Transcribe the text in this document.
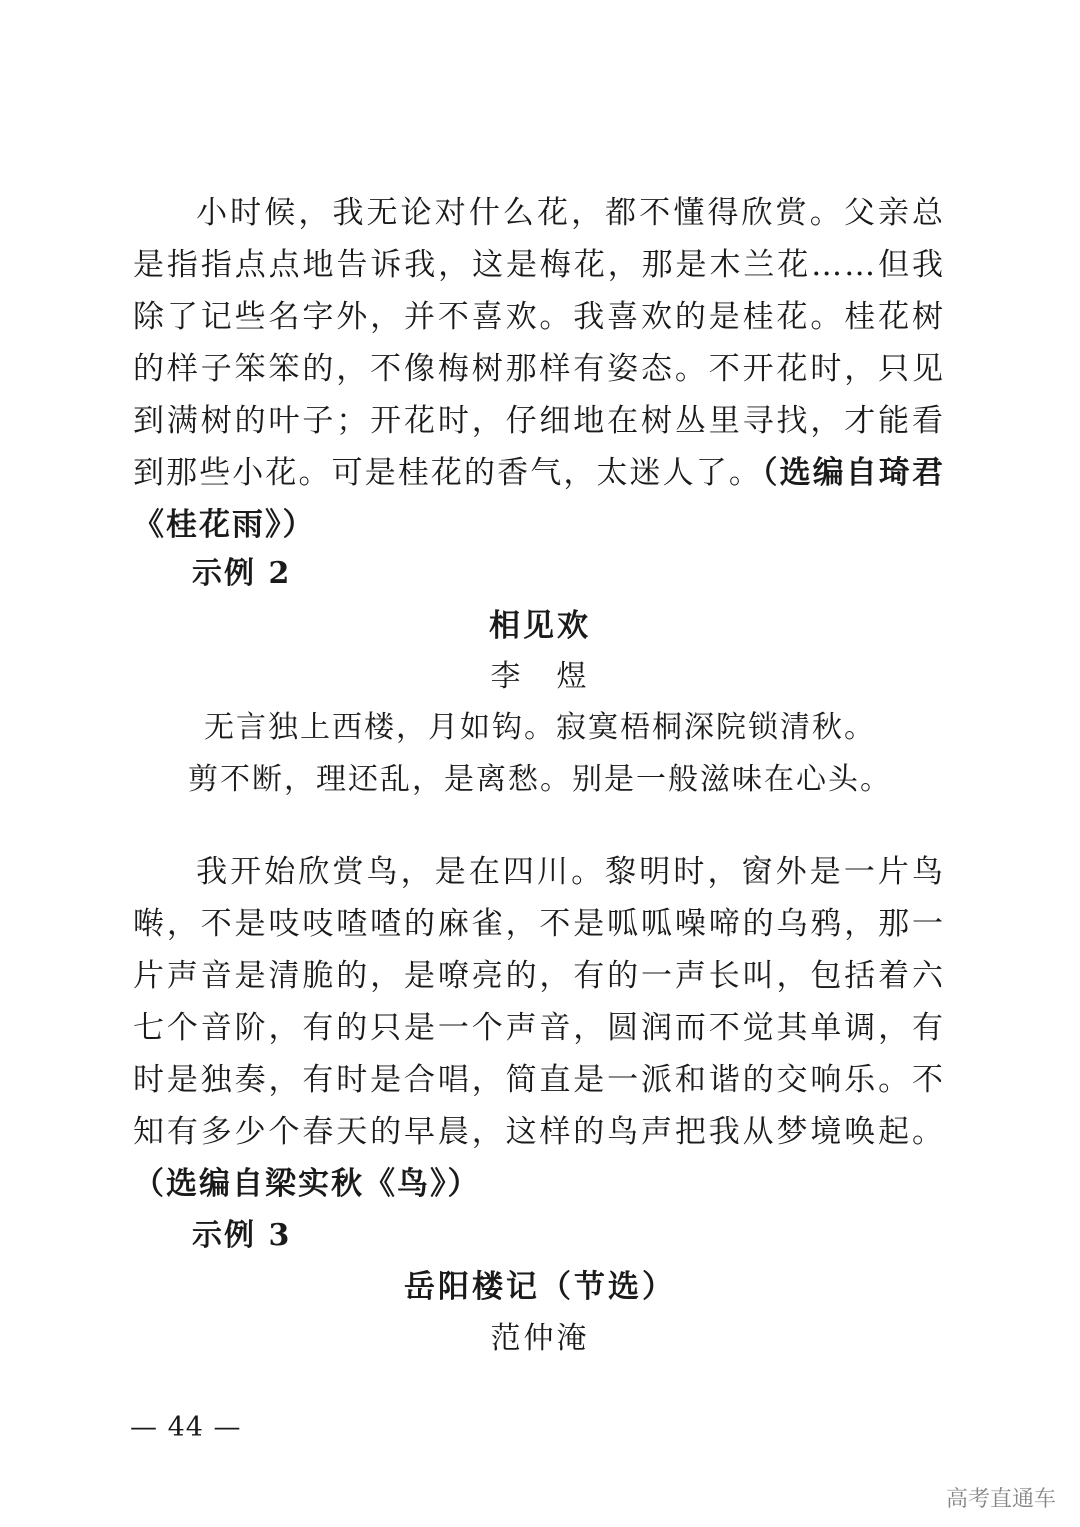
小时候，我无论对什么花，都不懂得欣赏。父亲总是指指点点地告诉我，这是梅花，那是木兰花……但我除了记些名字外，并不喜欢。我喜欢的是桂花。桂花树的样子笨笨的，不像梅树那样有姿态。不开花时，只见到满树的叶子；开花时，仔细地在树丛里寻找，才能看到那些小花。可是桂花的香气，太迷人了。（选编自琦君《桂花雨》）

示例 2

相见欢

李　煜

无言独上西楼，月如钩。寂寞梧桐深院锁清秋。

剪不断，理还乱，是离愁。别是一般滋味在心头。

我开始欣赏鸟，是在四川。黎明时，窗外是一片鸟啭，不是吱吱喳喳的麻雀，不是呱呱噪啼的乌鸦，那一片声音是清脆的，是嘹亮的，有的一声长叫，包括着六七个音阶，有的只是一个声音，圆润而不觉其单调，有时是独奏，有时是合唱，简直是一派和谐的交响乐。不知有多少个春天的早晨，这样的鸟声把我从梦境唤起。（选编自梁实秋《鸟》）

示例 3

岳阳楼记（节选）

范仲淹

— 44 —

高考直通车
